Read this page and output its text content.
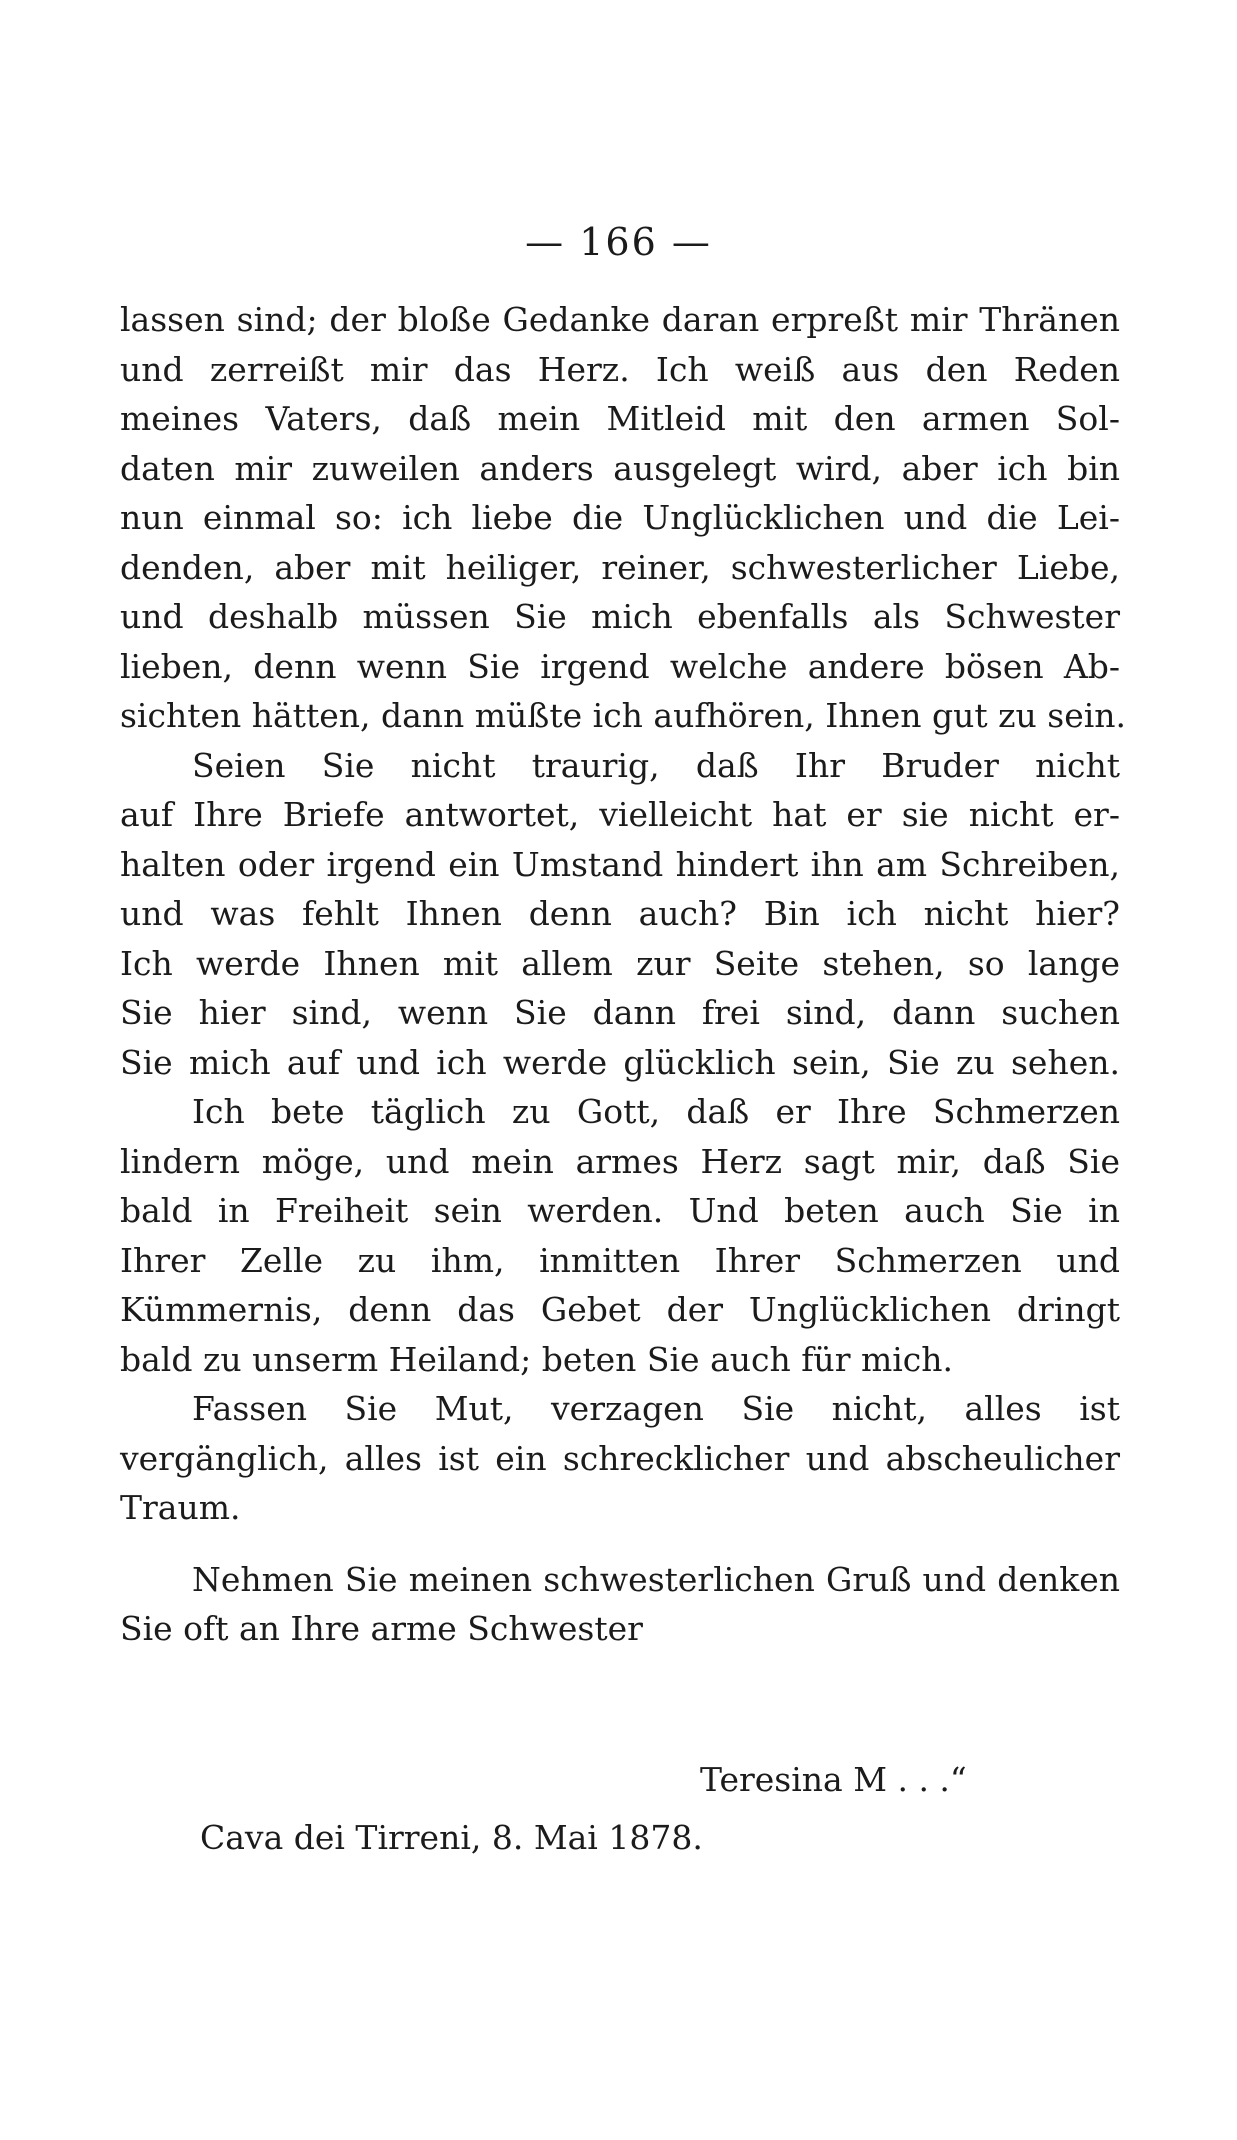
— 166 —
lassen sind; der bloße Gedanke daran erpreßt mir Thränen
und zerreißt mir das Herz. Ich weiß aus den Reden
meines Vaters, daß mein Mitleid mit den armen Sol-
daten mir zuweilen anders ausgelegt wird, aber ich bin
nun einmal so: ich liebe die Unglücklichen und die Lei-
denden, aber mit heiliger, reiner, schwesterlicher Liebe,
und deshalb müssen Sie mich ebenfalls als Schwester
lieben, denn wenn Sie irgend welche andere bösen Ab-
sichten hätten, dann müßte ich aufhören, Ihnen gut zu sein.
Seien Sie nicht traurig, daß Ihr Bruder nicht
auf Ihre Briefe antwortet, vielleicht hat er sie nicht er-
halten oder irgend ein Umstand hindert ihn am Schreiben,
und was fehlt Ihnen denn auch? Bin ich nicht hier?
Ich werde Ihnen mit allem zur Seite stehen, so lange
Sie hier sind, wenn Sie dann frei sind, dann suchen
Sie mich auf und ich werde glücklich sein, Sie zu sehen.
Ich bete täglich zu Gott, daß er Ihre Schmerzen
lindern möge, und mein armes Herz sagt mir, daß Sie
bald in Freiheit sein werden. Und beten auch Sie in
Ihrer Zelle zu ihm, inmitten Ihrer Schmerzen und
Kümmernis, denn das Gebet der Unglücklichen dringt
bald zu unserm Heiland; beten Sie auch für mich.
Fassen Sie Mut, verzagen Sie nicht, alles ist
vergänglich, alles ist ein schrecklicher und abscheulicher
Traum.
Nehmen Sie meinen schwesterlichen Gruß und denken
Sie oft an Ihre arme Schwester
Teresina M . . .“
Cava dei Tirreni, 8. Mai 1878.
